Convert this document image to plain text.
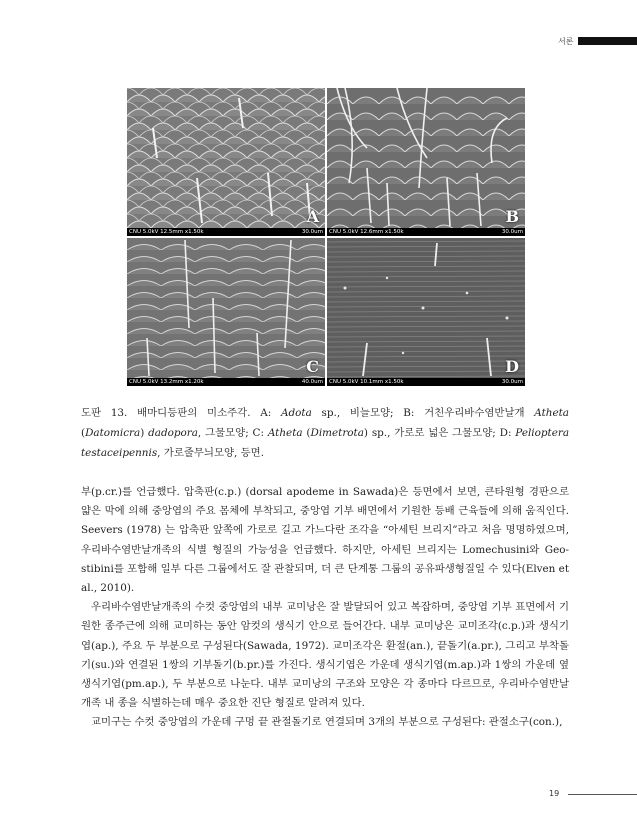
서론
A
CNU 5.0kV 12.5mm x1.50k	30.0um
B
CNU 5.0kV 12.6mm x1.50k	30.0um
C
CNU 5.0kV 13.2mm x1.20k	40.0um
D
CNU 5.0kV 10.1mm x1.50k	30.0um
도판 13. 배마디등판의 미소주각. A: Adota sp., 비늘모양; B: 거친우리바수염반날개 Atheta (Datomicra) dadopora, 그물모양; C: Atheta (Dimetrota) sp., 가로로 넓은 그물모양; D: Pelioptera testaceipennis, 가로줄무늬모양, 등면.

부(p.cr.)를 언급했다. 압축판(c.p.) (dorsal apodeme in Sawada)은 등면에서 보면, 큰타원형 경판으로 얇은 막에 의해 중앙엽의 주요 몸체에 부착되고, 중앙엽 기부 배면에서 기원한 등배 근육들에 의해 움직인다. Seevers (1978) 는 압축판 앞쪽에 가로로 길고 가느다란 조각을 “아세틴 브리지”라고 처음 명명하였으며, 우리바수염반날개족의 식별 형질의 가능성을 언급했다. 하지만, 아세틴 브리지는 Lomechusini와 Geo-stibini를 포함해 일부 다른 그룹에서도 잘 관찰되며, 더 큰 단계통 그룹의 공유파생형질일 수 있다(Elven et al., 2010).

우리바수염반날개족의 수컷 중앙엽의 내부 교미낭은 잘 발달되어 있고 복잡하며, 중앙엽 기부 표면에서 기원한 종주근에 의해 교미하는 동안 암컷의 생식기 안으로 들어간다. 내부 교미낭은 교미조각(c.p.)과 생식기엽(ap.), 주요 두 부분으로 구성된다(Sawada, 1972). 교미조각은 환절(an.), 끝돌기(a.pr.), 그리고 부착돌기(su.)와 연결된 1쌍의 기부돌기(b.pr.)를 가진다. 생식기엽은 가운데 생식기엽(m.ap.)과 1쌍의 가운데 옆 생식기엽(pm.ap.), 두 부분으로 나눈다. 내부 교미낭의 구조와 모양은 각 종마다 다르므로, 우리바수염반날개족 내 종을 식별하는데 매우 중요한 진단 형질로 알려져 있다.

교미구는 수컷 중앙엽의 가운데 구멍 끝 관절돌기로 연결되며 3개의 부분으로 구성된다: 관절소구(con.),

19
